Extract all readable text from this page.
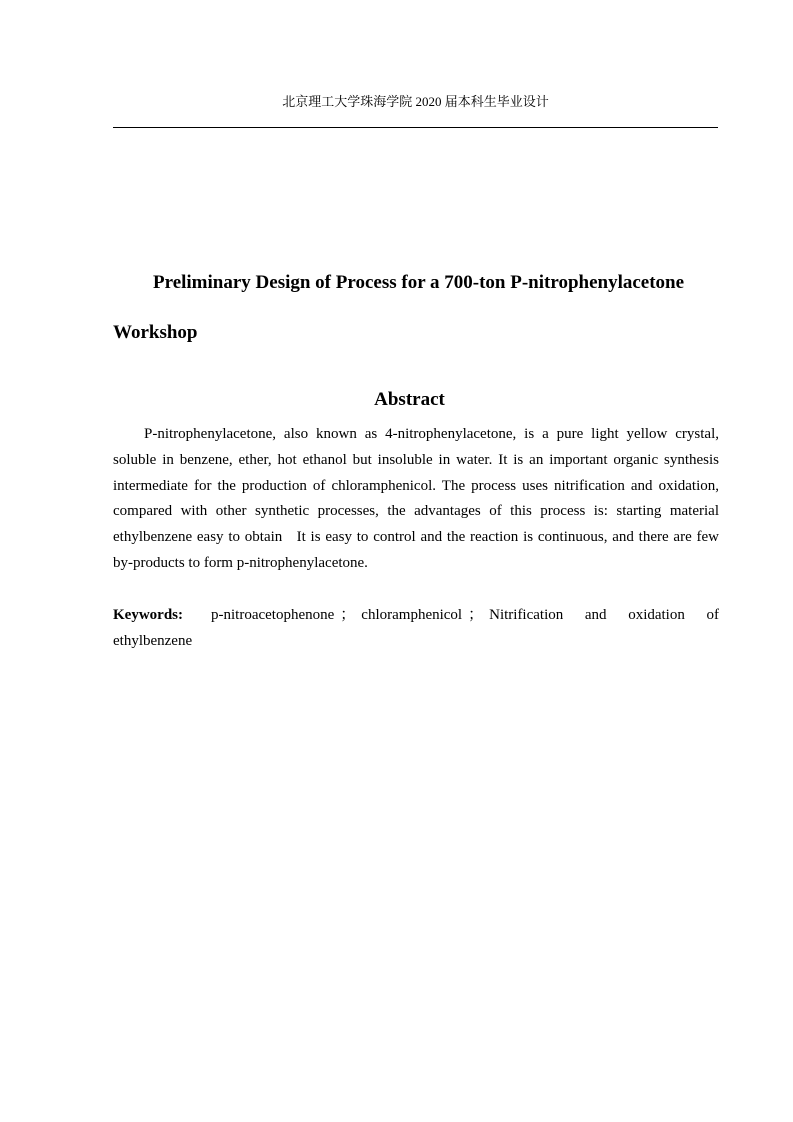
北京理工大学珠海学院 2020 届本科生毕业设计
Preliminary Design of Process for a 700-ton P-nitrophenylacetone Workshop
Abstract

P-nitrophenylacetone, also known as 4-nitrophenylacetone, is a pure light yellow crystal, soluble in benzene, ether, hot ethanol but insoluble in water. It is an important organic synthesis intermediate for the production of chloramphenicol. The process uses nitrification and oxidation, compared with other synthetic processes, the advantages of this process is: starting material ethylbenzene easy to obtain   It is easy to control and the reaction is continuous, and there are few by-products to form p-nitrophenylacetone.

Keywords: p-nitroacetophenone ； chloramphenicol ； Nitrification and oxidation of ethylbenzene
